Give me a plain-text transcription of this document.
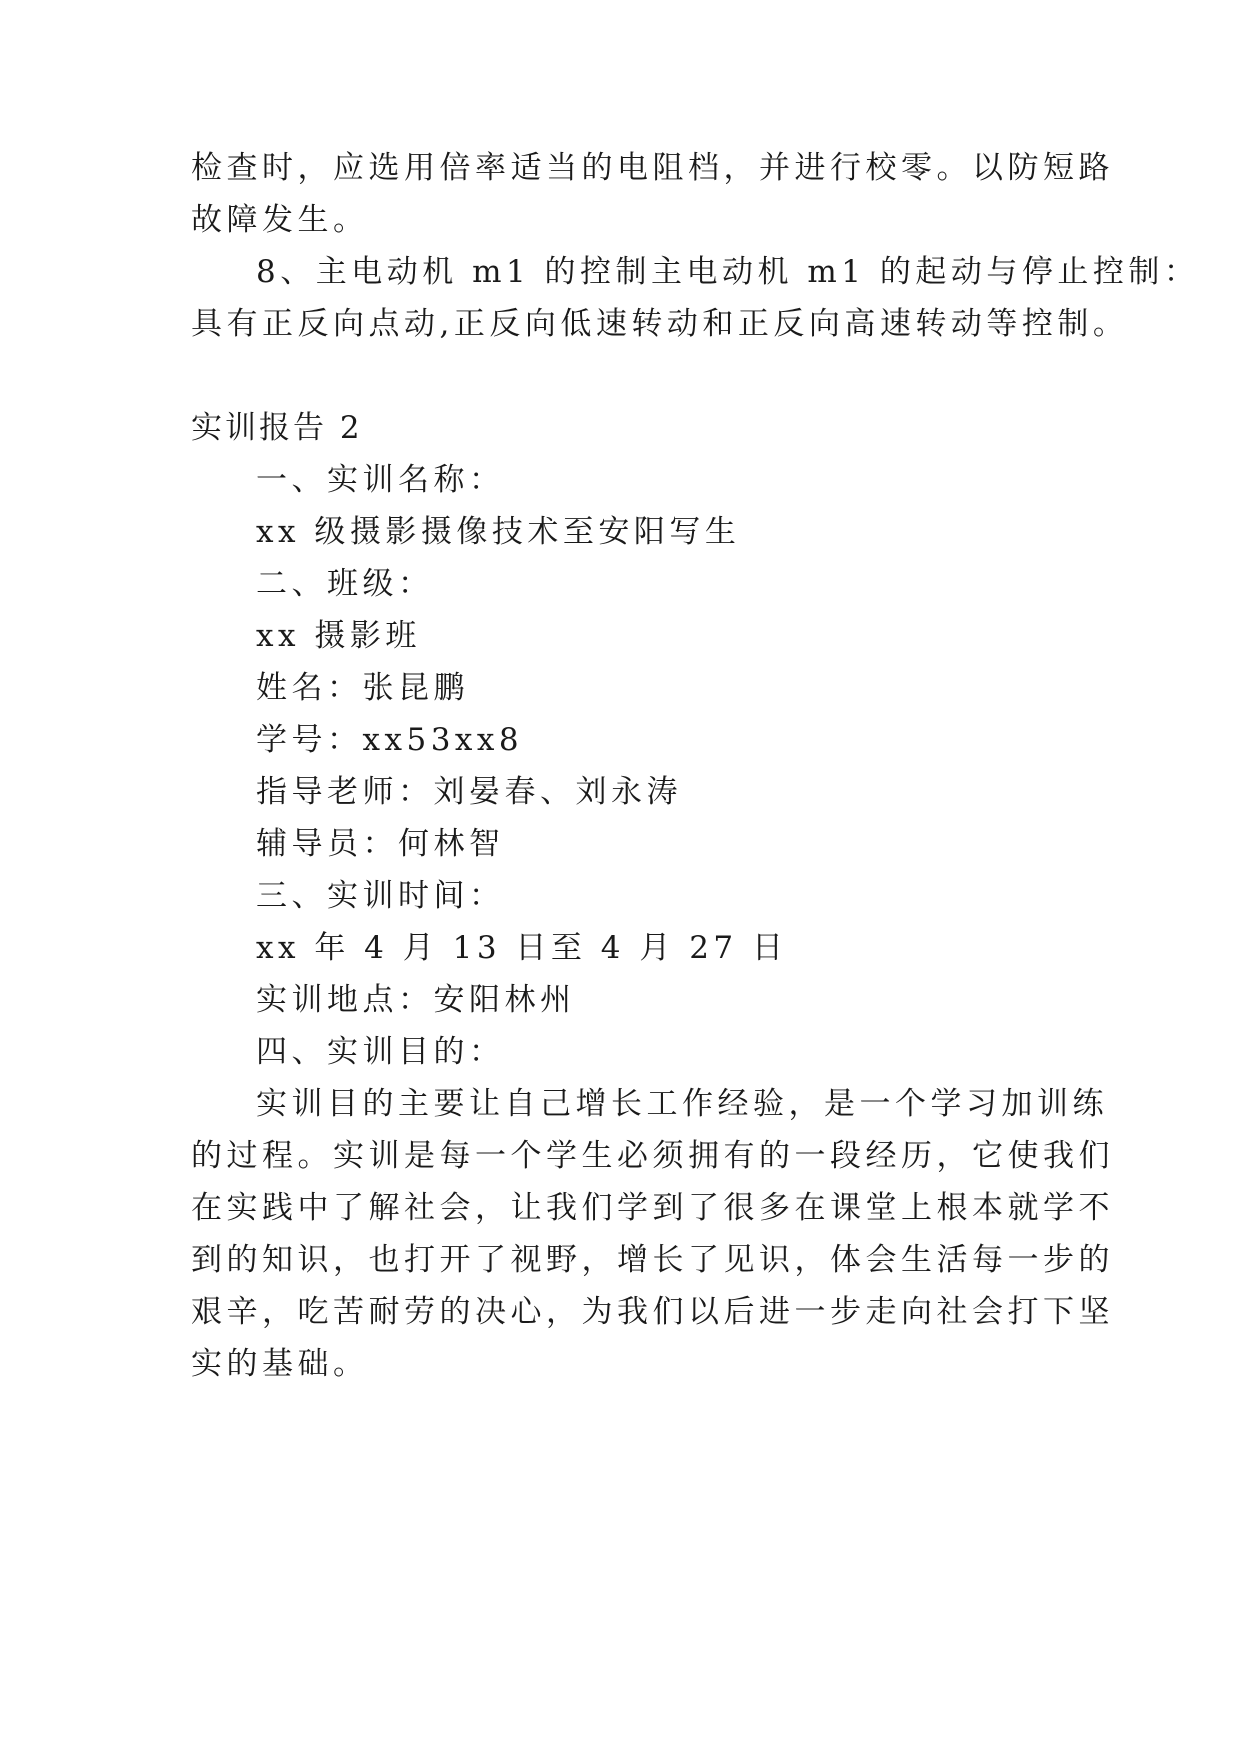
检查时，应选用倍率适当的电阻档，并进行校零。以防短路
故障发生。
8、主电动机 m1 的控制主电动机 m1 的起动与停止控制：
具有正反向点动,正反向低速转动和正反向高速转动等控制。
实训报告 2
一、实训名称：
xx 级摄影摄像技术至安阳写生
二、班级：
xx 摄影班
姓名：张昆鹏
学号：xx53xx8
指导老师：刘晏春、刘永涛
辅导员：何林智
三、实训时间：
xx 年 4 月 13 日至 4 月 27 日
实训地点：安阳林州
四、实训目的：
实训目的主要让自己增长工作经验，是一个学习加训练
的过程。实训是每一个学生必须拥有的一段经历，它使我们
在实践中了解社会，让我们学到了很多在课堂上根本就学不
到的知识，也打开了视野，增长了见识，体会生活每一步的
艰辛，吃苦耐劳的决心，为我们以后进一步走向社会打下坚
实的基础。
